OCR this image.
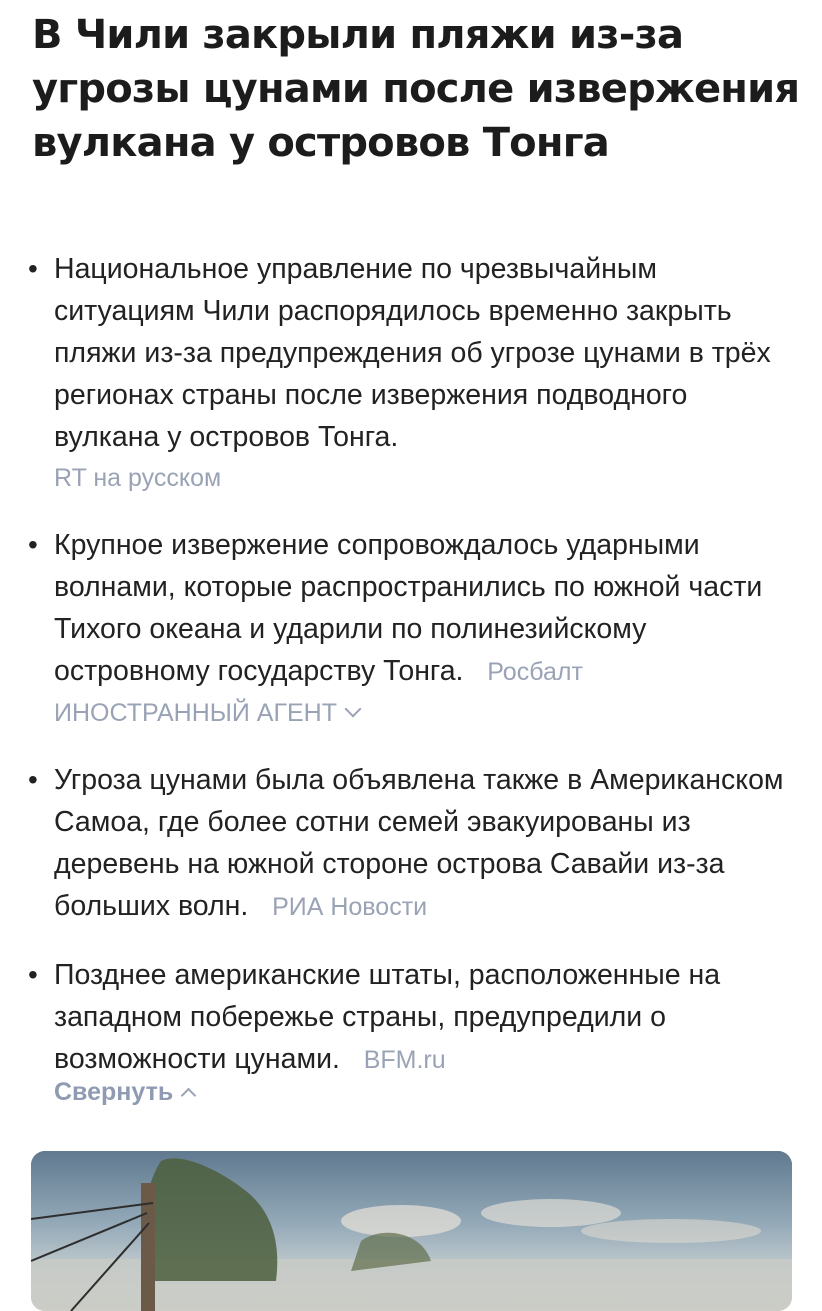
В Чили закрыли пляжи из-за угрозы цунами после извержения вулкана у островов Тонга
• Национальное управление по чрезвычайным ситуациям Чили распорядилось временно закрыть пляжи из-за предупреждения об угрозе цунами в трёх регионах страны после извержения подводного вулкана у островов Тонга.
RT на русском
• Крупное извержение сопровождалось ударными волнами, которые распространились по южной части Тихого океана и ударили по полинезийскому островному государству Тонга.   Росбалт
ИНОСТРАННЫЙ АГЕНТ
• Угроза цунами была объявлена также в Американском Самоа, где более сотни семей эвакуированы из деревень на южной стороне острова Савайи из-за больших волн.   РИА Новости
• Позднее американские штаты, расположенные на западном побережье страны, предупредили о возможности цунами.   BFM.ru
Свернуть
